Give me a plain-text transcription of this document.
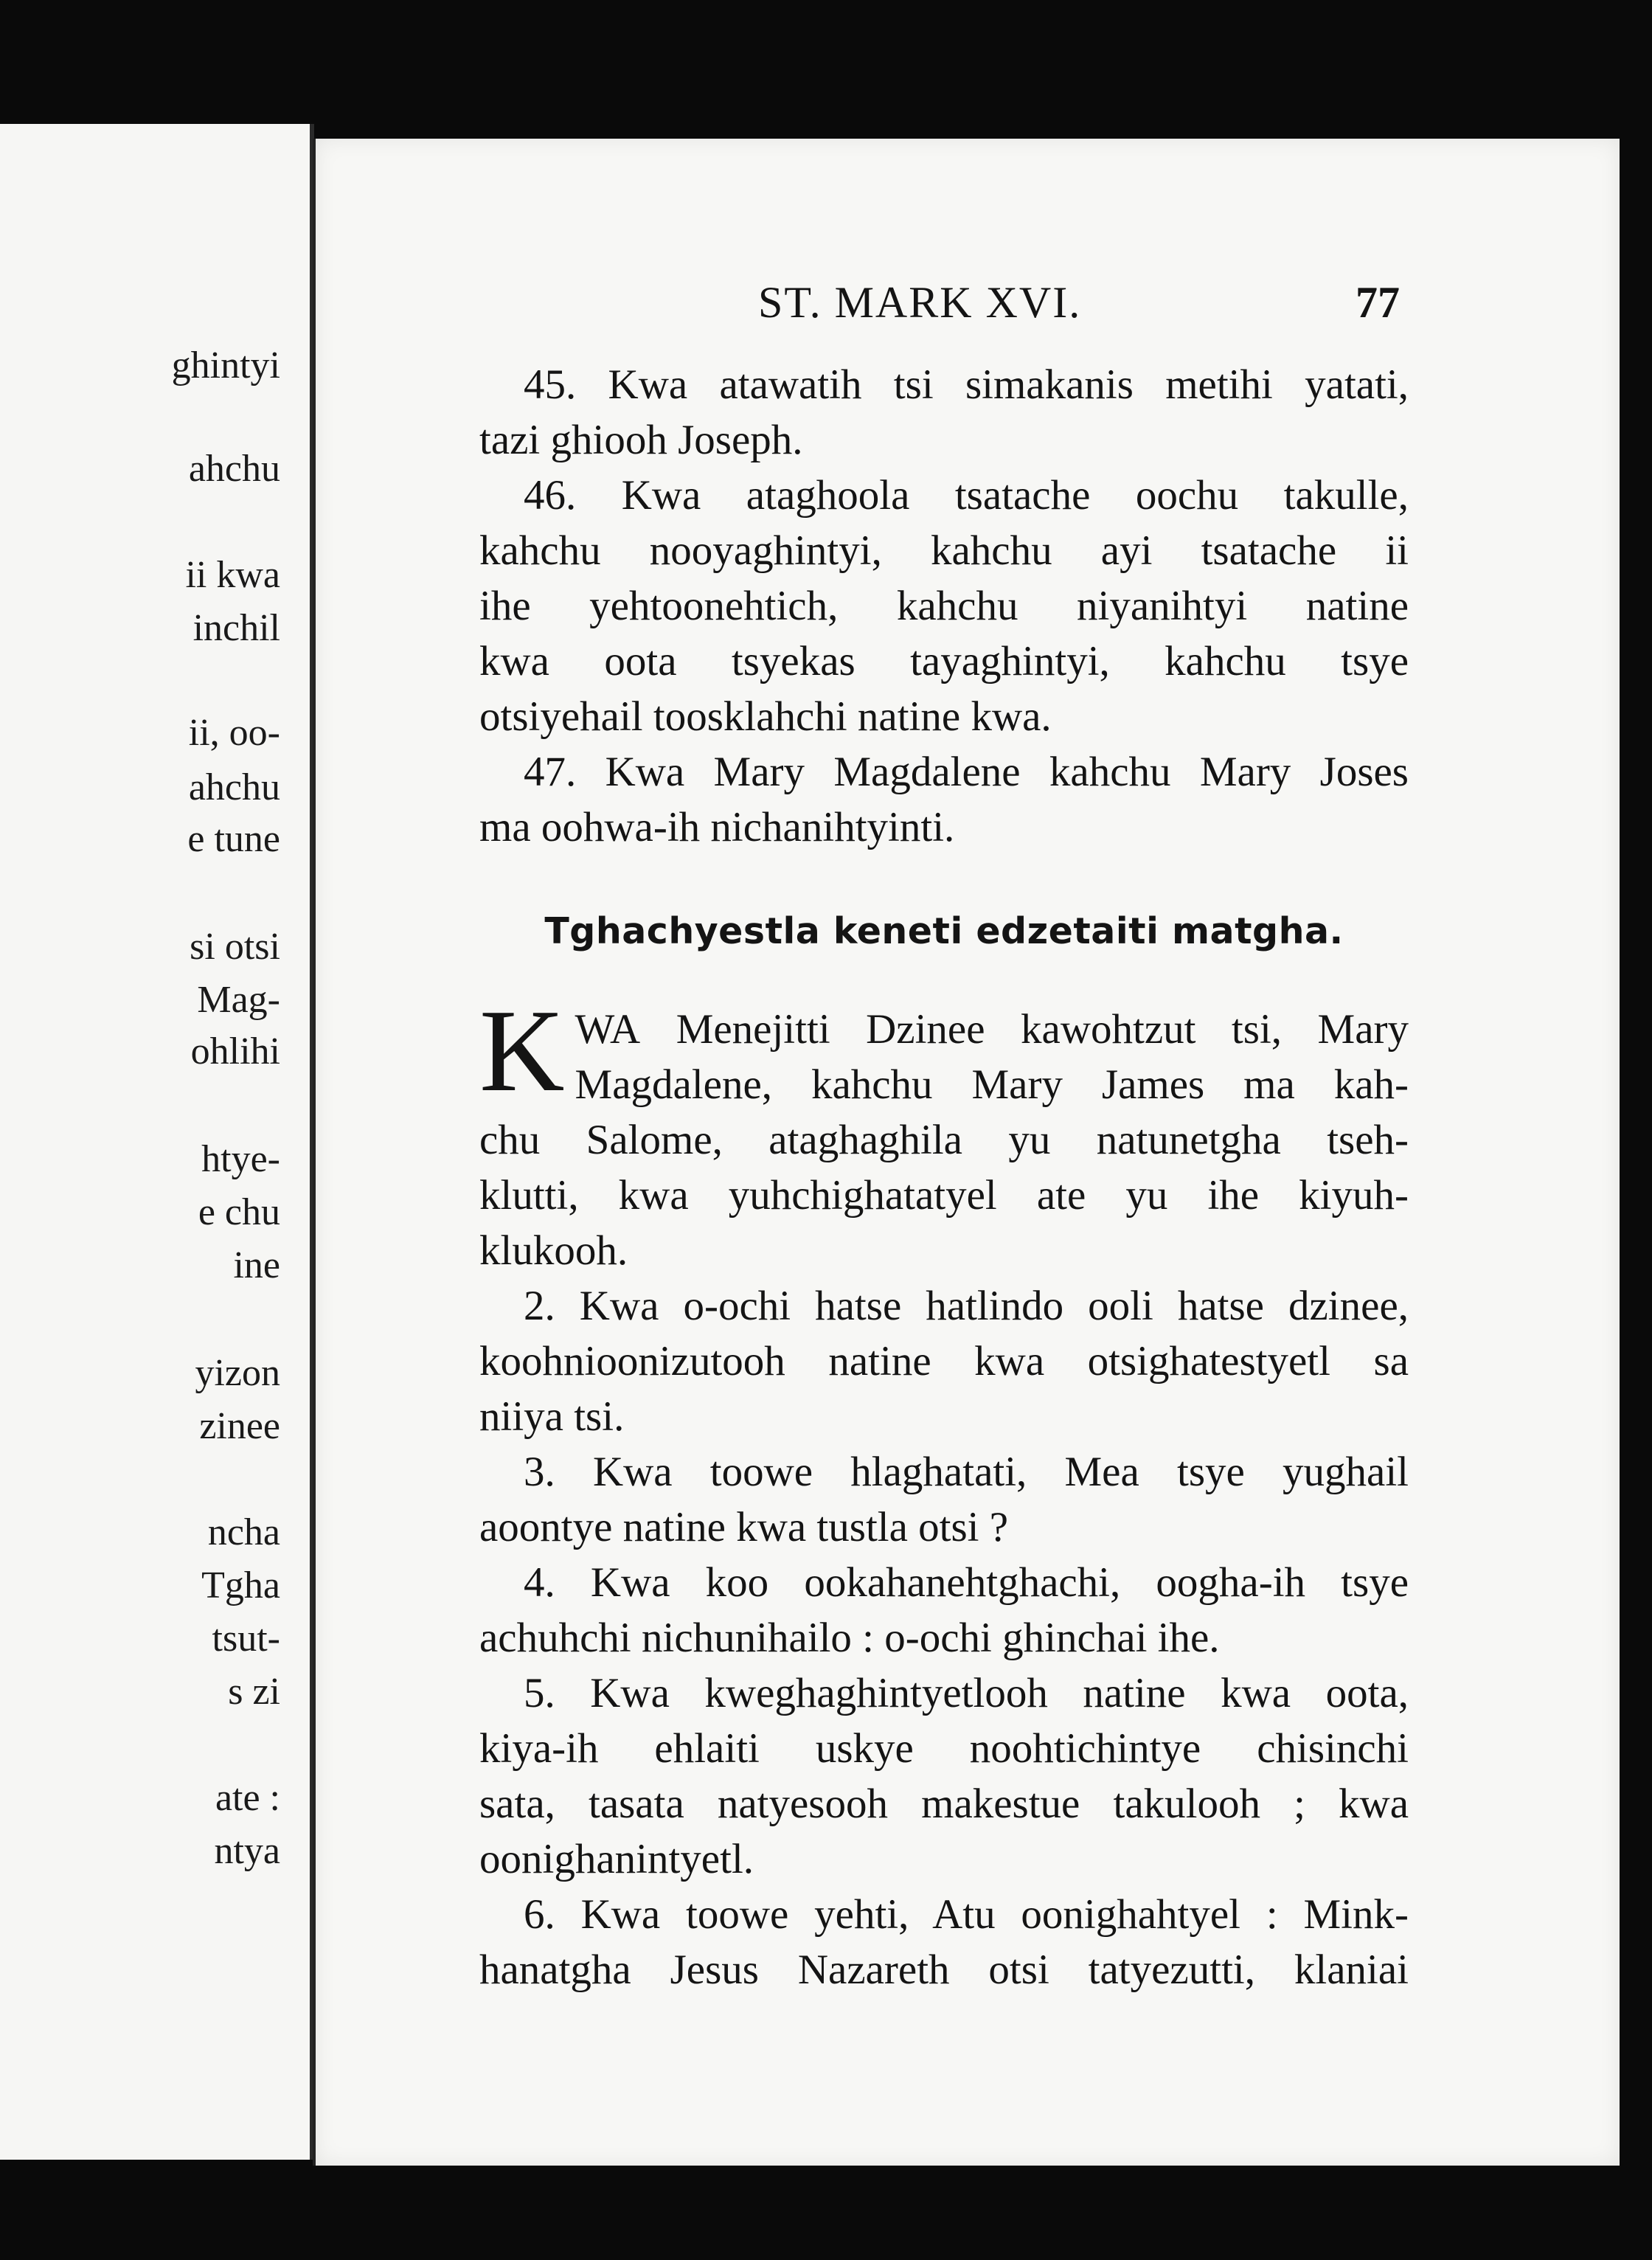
ghintyi
ahchu
ii kwa
inchil
ii, oo-
ahchu
e tune
si otsi
Mag-
ohlihi
htye-
e chu
ine
yizon
zinee
ncha
Tgha
tsut-
s zi
ate :
ntya
ST. MARK XVI.	77

45. Kwa atawatih tsi simakanis metihi yatati,
tazi ghiooh Joseph.

46. Kwa ataghoola tsatache oochu takulle,
kahchu nooyaghintyi, kahchu ayi tsatache ii
ihe yehtoonehtich, kahchu niyanihtyi natine
kwa oota tsyekas tayaghintyi, kahchu tsye
otsiyehail toosklahchi natine kwa.

47. Kwa Mary Magdalene kahchu Mary Joses
ma oohwa-ih nichanihtyinti.

Tghachyestla keneti edzetaiti matgha.

K WA Menejitti Dzinee kawohtzut tsi, Mary
Magdalene, kahchu Mary James ma kah-
chu Salome, ataghaghila yu natunetgha tseh-
klutti, kwa yuhchighatatyel ate yu ihe kiyuh-
klukooh.

2. Kwa o-ochi hatse hatlindo ooli hatse dzinee,
koohnioonizutooh natine kwa otsighatestyetl sa
niiya tsi.

3. Kwa toowe hlaghatati, Mea tsye yughail
aoontye natine kwa tustla otsi ?

4. Kwa koo ookahanehtghachi, oogha-ih tsye
achuhchi nichunihailo : o-ochi ghinchai ihe.

5. Kwa kweghaghintyetlooh natine kwa oota,
kiya-ih ehlaiti uskye noohtichintye chisinchi
sata, tasata natyesooh makestue takulooh ; kwa
oonighanintyetl.

6. Kwa toowe yehti, Atu oonighahtyel : Mink-
hanatgha Jesus Nazareth otsi tatyezutti, klaniai
